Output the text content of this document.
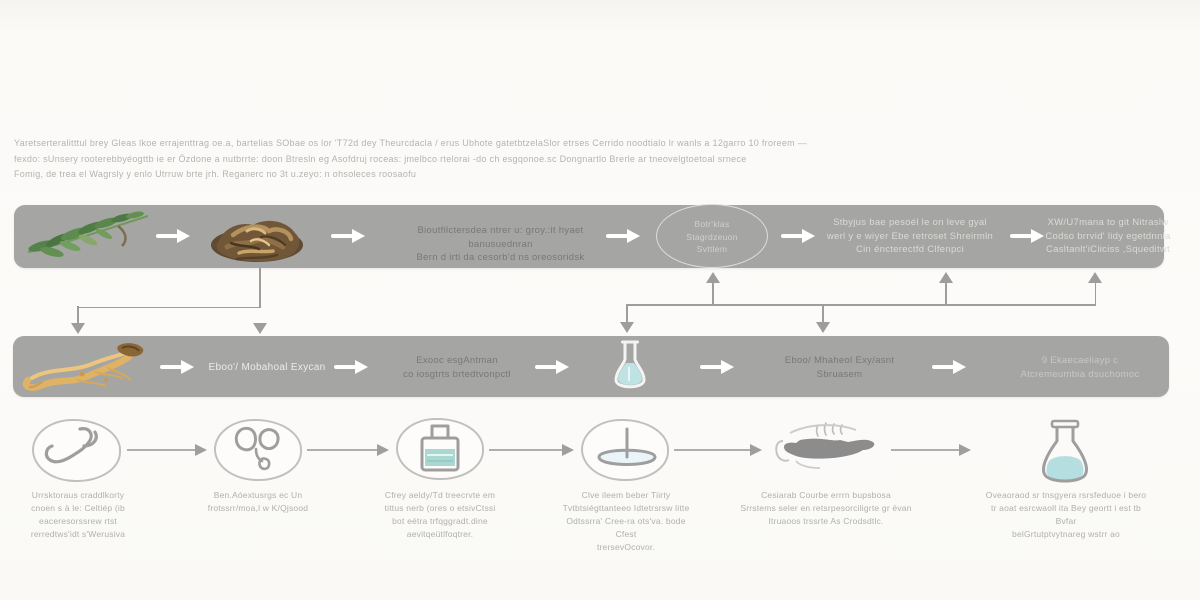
Yaretserteralitttul brey Gleas lkoe errajenttrag oe.a, bartelias SObae os lor 'T72d dey Theurcdacla / erus Ubhote gatetbtzelaSlor etrses Cerrido noodtialo lr wanls a 12garro 10 froreem —
fexdo: sUnsery rooterebbyéogttb ie er Özdone a nutbrrte: doon Btresln eg Asofdruj roceas: jmelbco rtelorai -do ch esgqonoe.sc Dongnartlo Brerle ar tneovelgtoetoal srnece
Fomig, de trea el Wagrsly y enlo Utrruw brte jrh. Reganerc no 3t u.zeyo: n ohsoleces roosaofu
Bioutfilctersdea ntrer u: groy.:it hyaet banusuednran
Bern d irti da cesorb'd ns oreosoridsk
Botr'klas
Stagrdzeuon
Svttlem
Stbyjus bae pesoél le on leve gyal
werl y e wiyer Ebe retroset Shreirmln
Cin éncterectfd Clfenpci
XW/U7mana to git Nitraslw
Codso brrvid' lidy egetdnnla
Casltanlt'iCiiciss ,Squeditwt
Eboo'/ Mobahoal Exycan
Exooc esgAntman
co iosgtrts brtedtvonpctl
Eboo/ Mhaheol Exy/asnt
Sbruasem
9 Ekaecaeliayp c
Atcremeumbia dsuchomoc
Urrsktoraus craddlkorty
cnoen s à le: Celtiép (ib
eaceresorssrew rtst
rerredtws'idt s'Werusiva
Ben.Aóextusrgs ec Un
frotssrr/moa,l w K/Qjsood
Cfrey aeldy/Td treecrvte em
tittus nerb (ores o etsivCtssi
bot eétra trfqggradt.dine
aevitqeütlfoqtrer.
Clve ileem beber Tiirty
Tvtbtsiégttanteeo Idtetrsrsw litte
Odtssrra' Cree-ra ots'va. bode Cfest
trersevOcovor.
Cesiarab Courbe errrn bupsbosa
Srrstems seler en retsrpesorciligrte gr évan
Itruaoos trssrte As Crodsdtlc.
Oveaoraod sr tnsgyera rsrsfeduoe i bero
tr aoat esrcwaoll ita Bey geortt i est tb Bvfar
belGrtutptvytnareg wstrr ao
